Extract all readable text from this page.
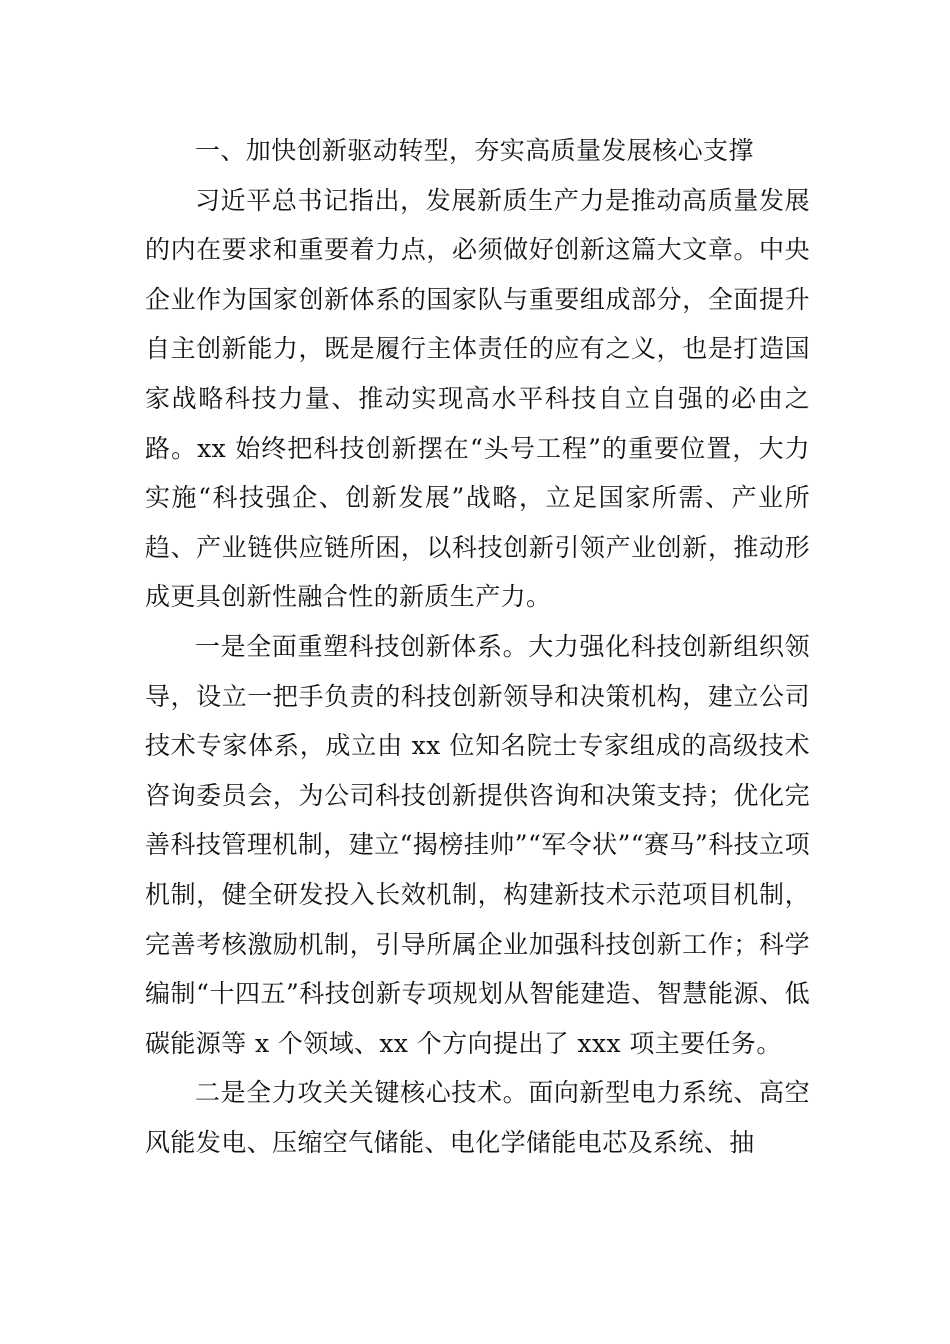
一、加快创新驱动转型，夯实高质量发展核心支撑

习近平总书记指出，发展新质生产力是推动高质量发展的内在要求和重要着力点，必须做好创新这篇大文章。中央企业作为国家创新体系的国家队与重要组成部分，全面提升自主创新能力，既是履行主体责任的应有之义，也是打造国家战略科技力量、推动实现高水平科技自立自强的必由之路。xx 始终把科技创新摆在“头号工程”的重要位置，大力实施“科技强企、创新发展”战略，立足国家所需、产业所趋、产业链供应链所困，以科技创新引领产业创新，推动形成更具创新性融合性的新质生产力。

一是全面重塑科技创新体系。大力强化科技创新组织领导，设立一把手负责的科技创新领导和决策机构，建立公司技术专家体系，成立由 xx 位知名院士专家组成的高级技术咨询委员会，为公司科技创新提供咨询和决策支持；优化完善科技管理机制，建立“揭榜挂帅”“军令状”“赛马”科技立项机制，健全研发投入长效机制，构建新技术示范项目机制，完善考核激励机制，引导所属企业加强科技创新工作；科学编制“十四五”科技创新专项规划从智能建造、智慧能源、低碳能源等 x 个领域、xx 个方向提出了 xxx 项主要任务。

二是全力攻关关键核心技术。面向新型电力系统、高空风能发电、压缩空气储能、电化学储能电芯及系统、抽
